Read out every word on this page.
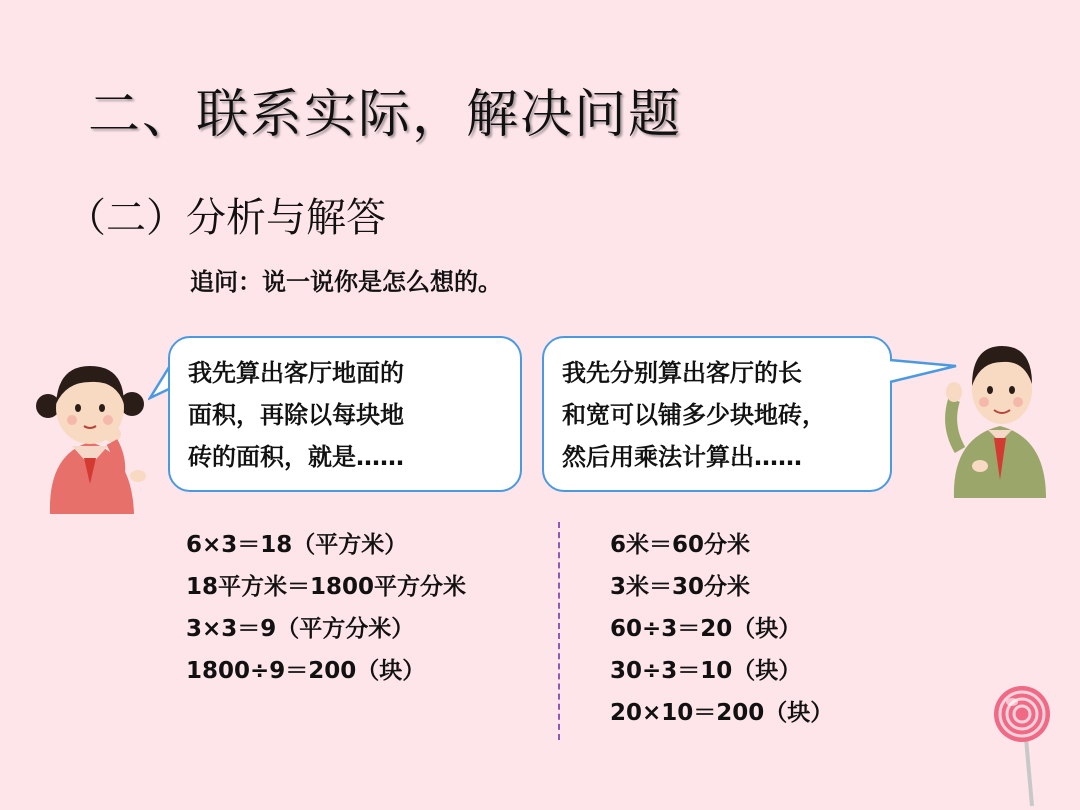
二、联系实际，解决问题
（二）分析与解答
追问：说一说你是怎么想的。
我先算出客厅地面的
面积，再除以每块地
砖的面积，就是……
我先分别算出客厅的长
和宽可以铺多少块地砖，
然后用乘法计算出……
6×3＝18（平方米）
18平方米＝1800平方分米
3×3＝9（平方分米）
1800÷9＝200（块）
6米＝60分米
3米＝30分米
60÷3＝20（块）
30÷3＝10（块）
20×10＝200（块）
